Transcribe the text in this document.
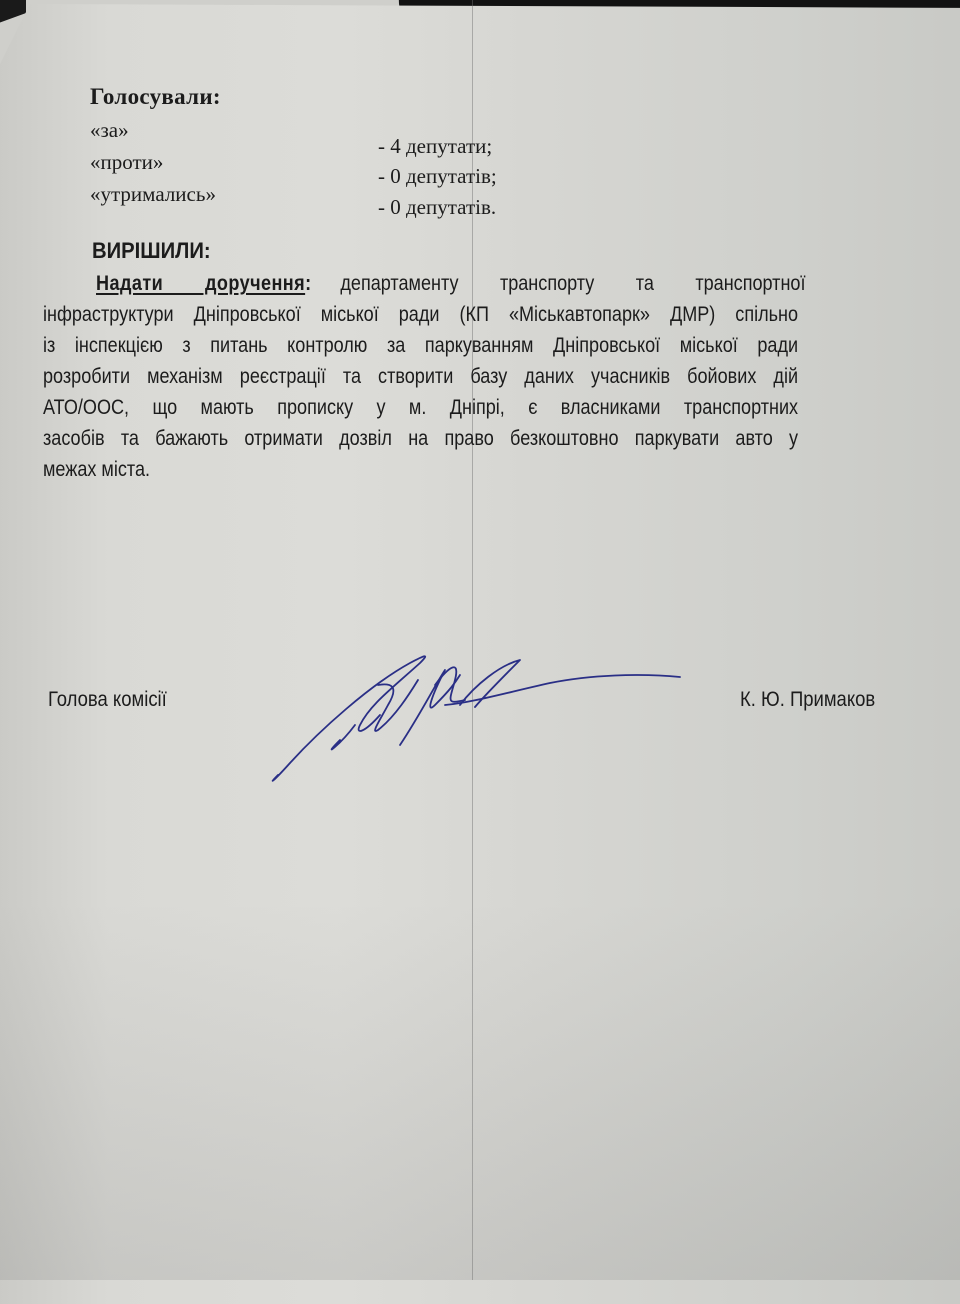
Голосували:
«за»
«проти»
«утримались»
- 4 депутати;
- 0 депутатів;
- 0 депутатів.
ВИРІШИЛИ:
Надати доручення: департаменту транспорту та транспортної
інфраструктури Дніпровської міської ради (КП «Міськавтопарк» ДМР) спільно
із інспекцією з питань контролю за паркуванням Дніпровської міської ради
розробити механізм реєстрації та створити базу даних учасників бойових дій
АТО/ООС, що мають прописку у м. Дніпрі, є власниками транспортних
засобів та бажають отримати дозвіл на право безкоштовно паркувати авто у
межах міста.
Голова комісії	К. Ю. Примаков
